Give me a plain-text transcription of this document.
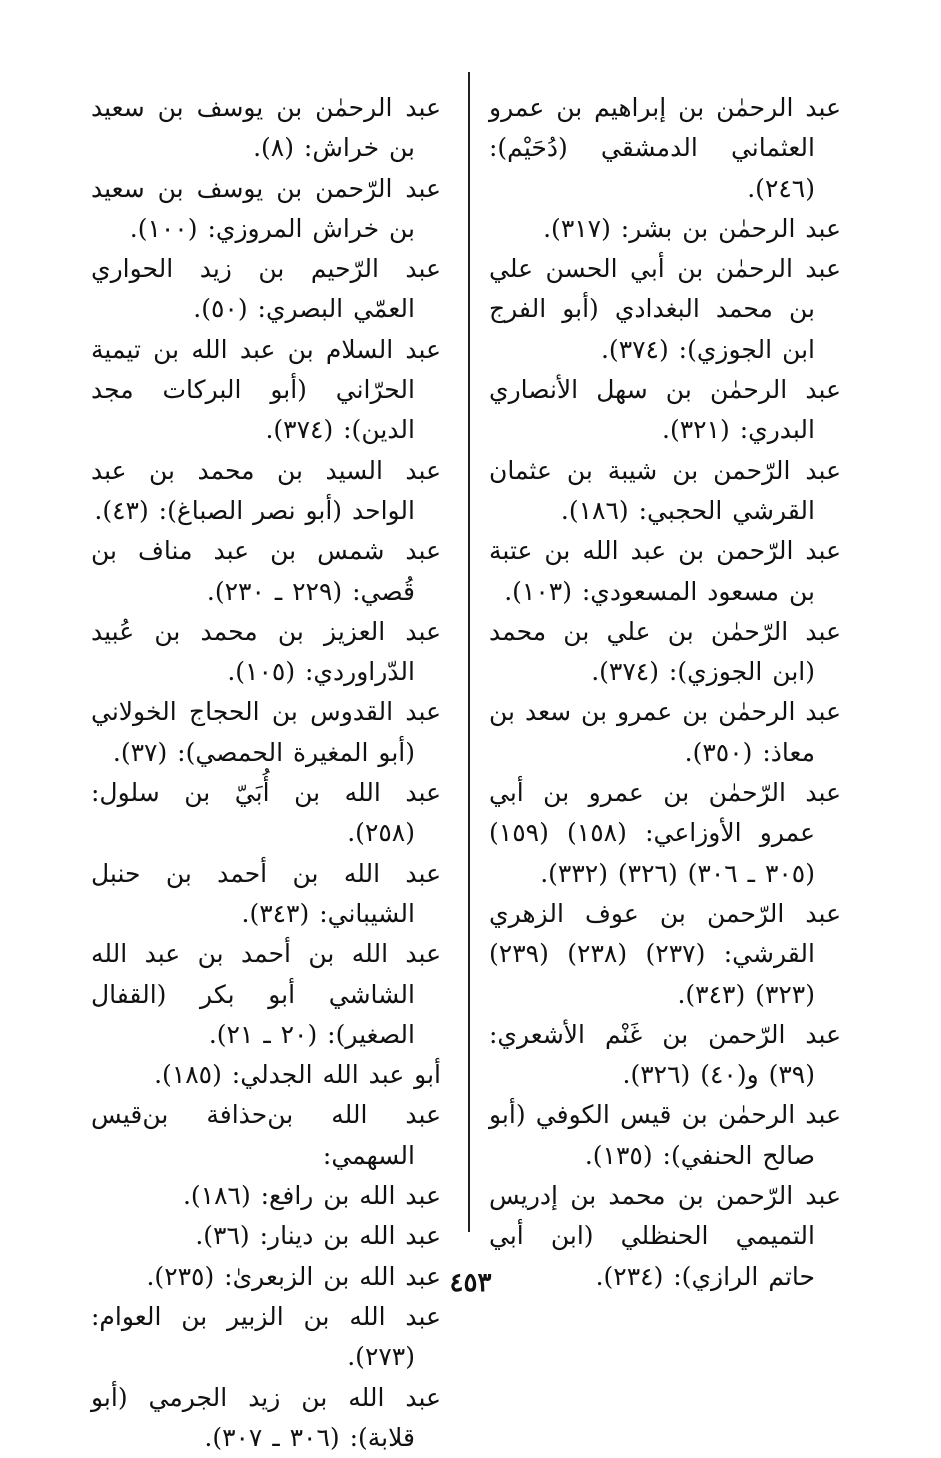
عبد الرحمٰن بن إبراهيم بن عمرو العثماني الدمشقي (دُحَيْم): (٢٤٦).
عبد الرحمٰن بن بشر: (٣١٧).
عبد الرحمٰن بن أبي الحسن علي بن محمد البغدادي (أبو الفرج ابن الجوزي): (٣٧٤).
عبد الرحمٰن بن سهل الأنصاري البدري: (٣٢١).
عبد الرّحمن بن شيبة بن عثمان القرشي الحجبي: (١٨٦).
عبد الرّحمن بن عبد الله بن عتبة بن مسعود المسعودي: (١٠٣).
عبد الرّحمٰن بن علي بن محمد (ابن الجوزي): (٣٧٤).
عبد الرحمٰن بن عمرو بن سعد بن معاذ: (٣٥٠).
عبد الرّحمٰن بن عمرو بن أبي عمرو الأوزاعي: (١٥٨) (١٥٩) (٣٠٥ ـ ٣٠٦) (٣٢٦) (٣٣٢).
عبد الرّحمن بن عوف الزهري القرشي: (٢٣٧) (٢٣٨) (٢٣٩) (٣٢٣) (٣٤٣).
عبد الرّحمن بن غَنْم الأشعري: (٣٩) و(٤٠) (٣٢٦).
عبد الرحمٰن بن قيس الكوفي (أبو صالح الحنفي): (١٣٥).
عبد الرّحمن بن محمد بن إدريس التميمي الحنظلي (ابن أبي حاتم الرازي): (٢٣٤).
عبد الرحمٰن بن يوسف بن سعيد بن خراش: (٨).
عبد الرّحمن بن يوسف بن سعيد بن خراش المروزي: (١٠٠).
عبد الرّحيم بن زيد الحواري العمّي البصري: (٥٠).
عبد السلام بن عبد الله بن تيمية الحرّاني (أبو البركات مجد الدين): (٣٧٤).
عبد السيد بن محمد بن عبد الواحد (أبو نصر الصباغ): (٤٣).
عبد شمس بن عبد مناف بن قُصي: (٢٢٩ ـ ٢٣٠).
عبد العزيز بن محمد بن عُبيد الدّراوردي: (١٠٥).
عبد القدوس بن الحجاج الخولاني (أبو المغيرة الحمصي): (٣٧).
عبد الله بن أُبَيّ بن سلول: (٢٥٨).
عبد الله بن أحمد بن حنبل الشيباني: (٣٤٣).
عبد الله بن أحمد بن عبد الله الشاشي أبو بكر (القفال الصغير): (٢٠ ـ ٢١).
أبو عبد الله الجدلي: (١٨٥).
عبد الله بن‌حذافة بن‌قيس السهمي:
عبد الله بن رافع: (١٨٦).
عبد الله بن دينار: (٣٦).
عبد الله بن الزبعرىٰ: (٢٣٥).
عبد الله بن الزبير بن العوام: (٢٧٣).
عبد الله بن زيد الجرمي (أبو قلابة): (٣٠٦ ـ ٣٠٧).
٤٥٣
